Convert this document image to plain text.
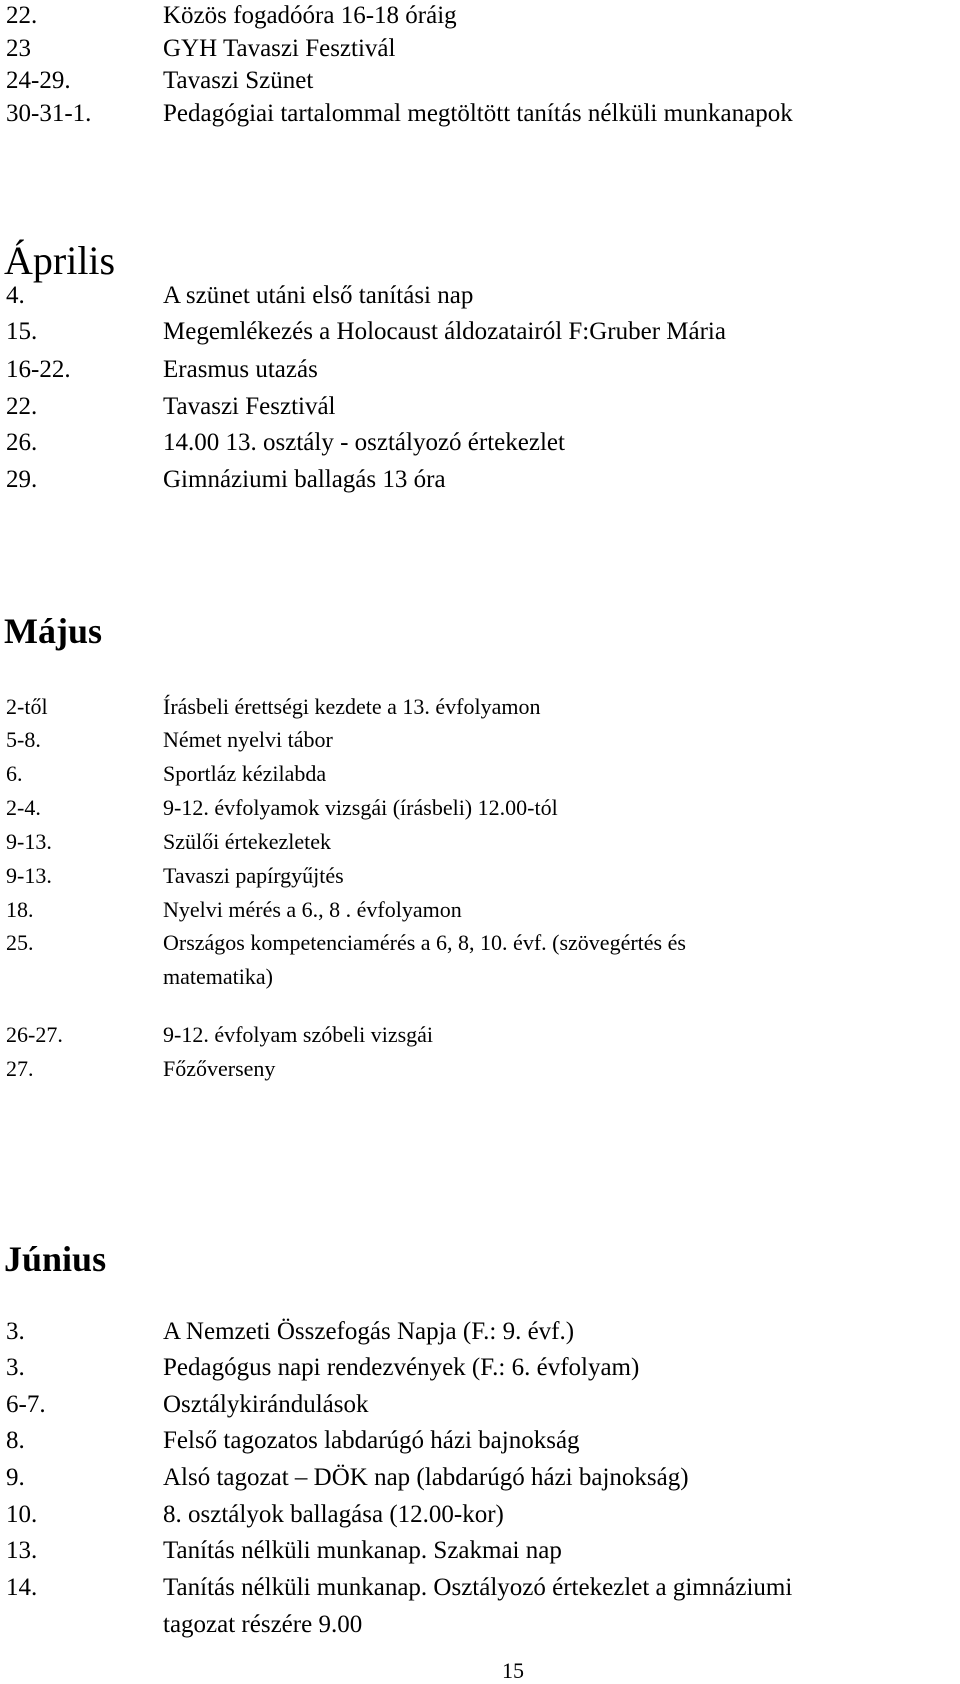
22.	Közös fogadóóra 16-18 óráig
23	GYH Tavaszi Fesztivál
24-29.	Tavaszi Szünet
30-31-1.	Pedagógiai tartalommal megtöltött tanítás nélküli munkanapok
Április
4.	A szünet utáni első tanítási nap
15.	Megemlékezés a Holocaust áldozatairól F:Gruber Mária
16-22.	Erasmus utazás
22.	Tavaszi Fesztivál
26.	14.00 13. osztály - osztályozó értekezlet
29.	Gimnáziumi ballagás 13 óra
Május
2-től	Írásbeli érettségi kezdete a 13. évfolyamon
5-8.	Német nyelvi tábor
6.	Sportláz kézilabda
2-4.	9-12. évfolyamok vizsgái (írásbeli) 12.00-tól
9-13.	Szülői értekezletek
9-13.	Tavaszi papírgyűjtés
18.	Nyelvi mérés a 6., 8 . évfolyamon
25.	Országos kompetenciamérés a 6, 8, 10. évf. (szövegértés és
matematika)
26-27.	9-12. évfolyam szóbeli vizsgái
27.	Főzőverseny
Június
3.	A Nemzeti Összefogás Napja (F.: 9. évf.)
3.	Pedagógus napi rendezvények (F.: 6. évfolyam)
6-7.	Osztálykirándulások
8.	Felső tagozatos labdarúgó házi bajnokság
9.	Alsó tagozat – DÖK nap (labdarúgó házi bajnokság)
10.	8. osztályok ballagása (12.00-kor)
13.	Tanítás nélküli munkanap. Szakmai nap
14.	Tanítás nélküli munkanap. Osztályozó értekezlet a gimnáziumi
tagozat részére 9.00
15
